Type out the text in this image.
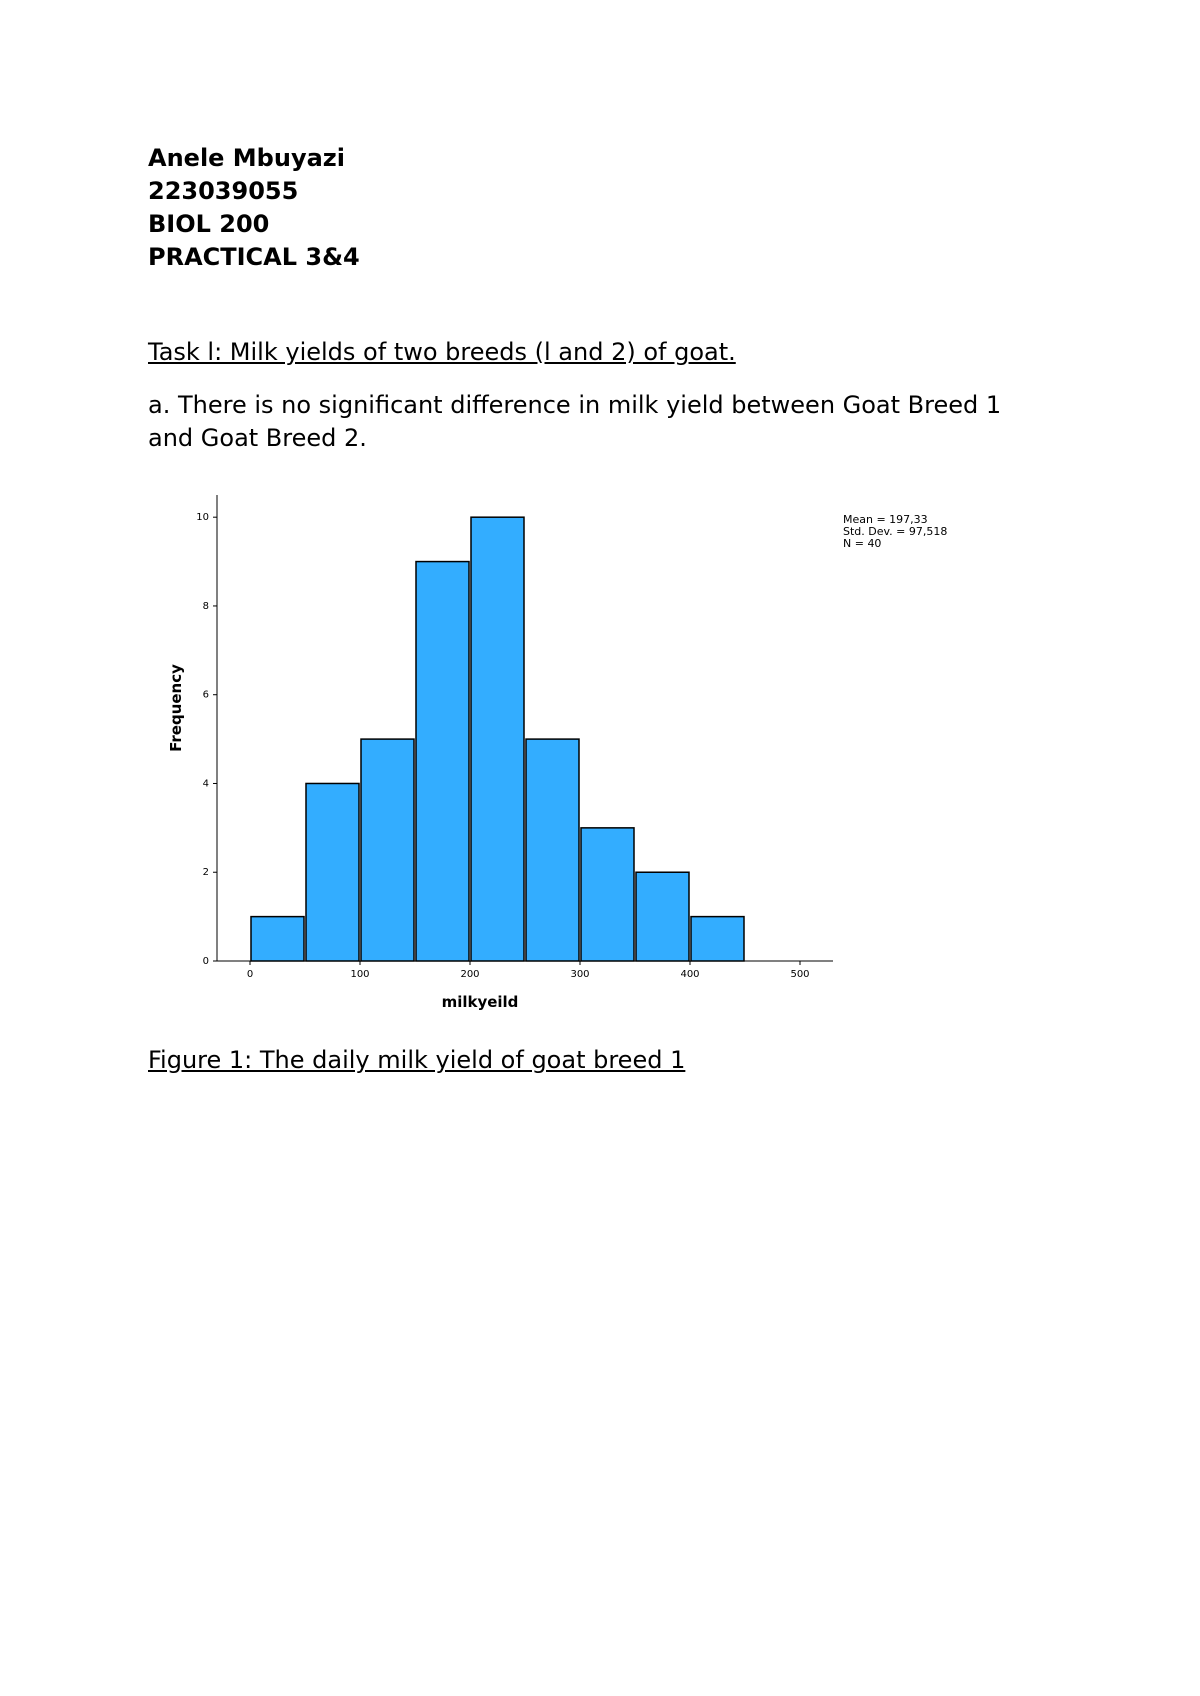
Anele Mbuyazi
223039055
BIOL 200
PRACTICAL 3&4
Task l: Milk yields of two breeds (l and 2) of goat.
a. There is no significant difference in milk yield between Goat Breed 1 and Goat Breed 2.
0
2
4
6
8
10
0	100	200	300	400	500
milkyeild
Frequency
Mean = 197,33
Std. Dev. = 97,518
N = 40
Figure 1: The daily milk yield of goat breed 1
